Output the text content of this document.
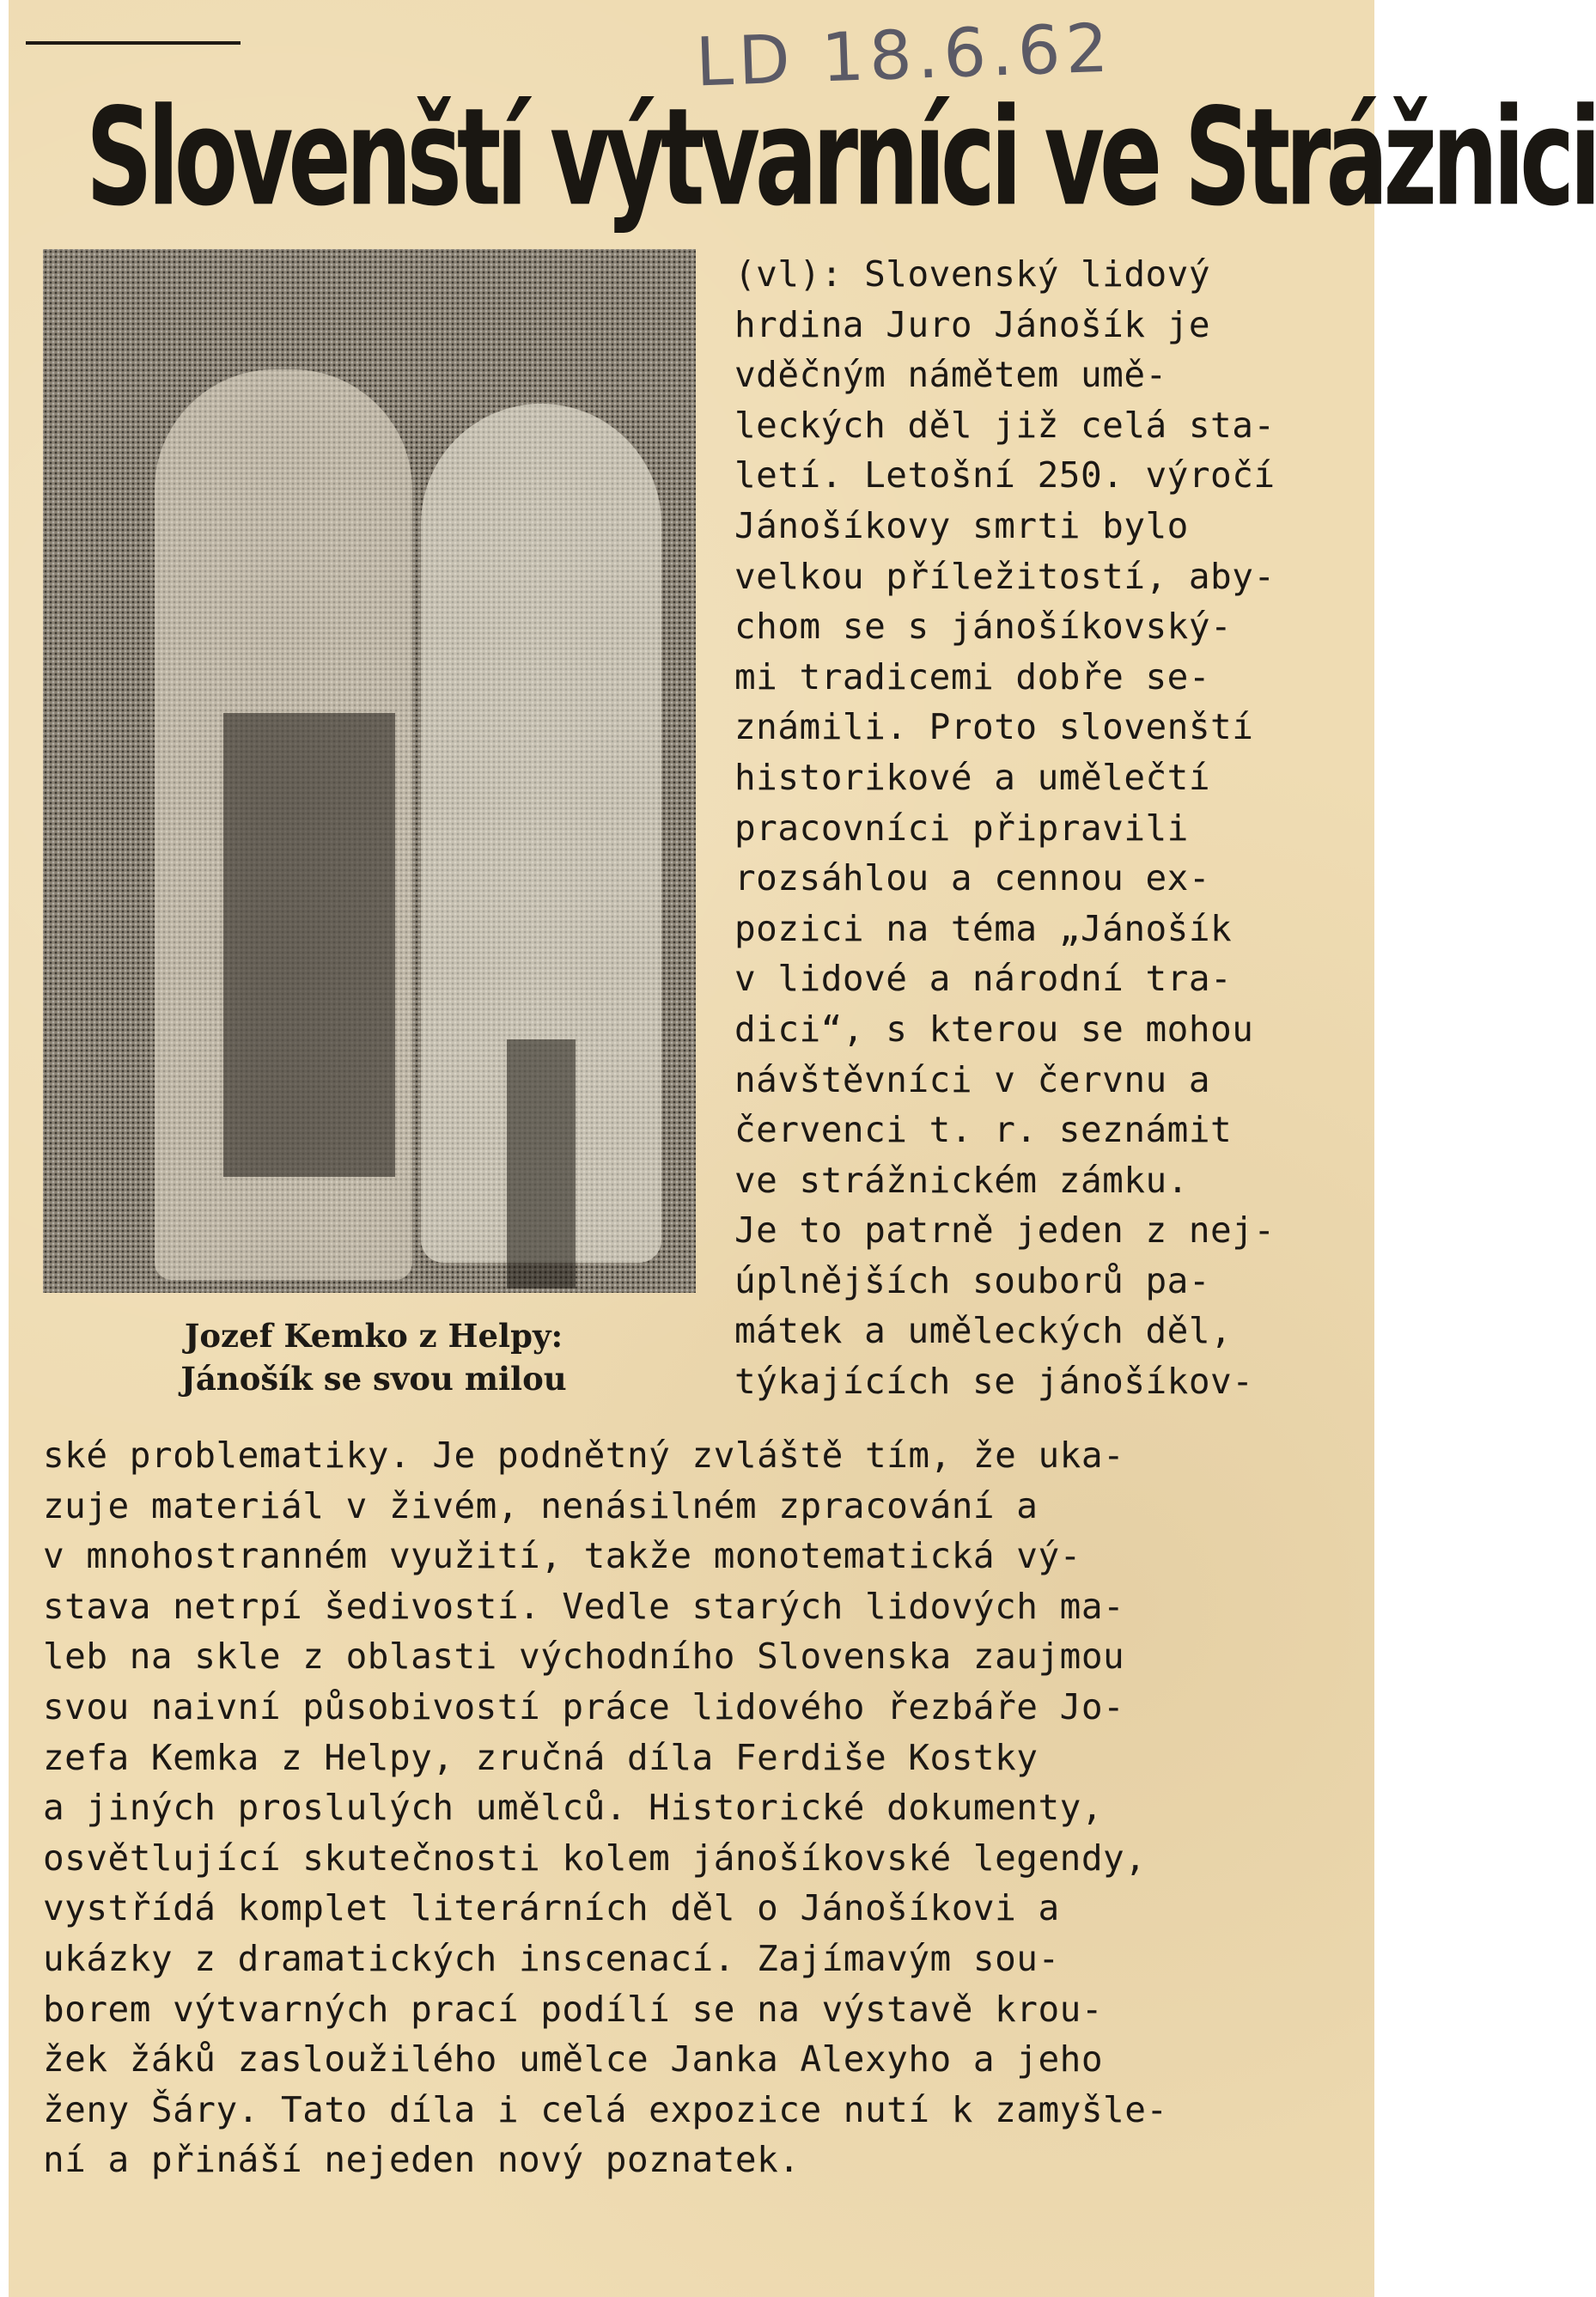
LD 18.6.62
Slovenští výtvarníci ve Strážnici
Jozef Kemko z Helpy:
Jánošík se svou milou
(vl): Slovenský lidový
hrdina Juro Jánošík je
vděčným námětem umě-
leckých děl již celá sta-
letí. Letošní 250. výročí
Jánošíkovy smrti bylo
velkou příležitostí, aby-
chom se s jánošíkovský-
mi tradicemi dobře se-
známili. Proto slovenští
historikové a umělečtí
pracovníci připravili
rozsáhlou a cennou ex-
pozici na téma „Jánošík
v lidové a národní tra-
dici“, s kterou se mohou
návštěvníci v červnu a
červenci t. r. seznámit
ve strážnickém zámku.
Je to patrně jeden z nej-
úplnějších souborů pa-
mátek a uměleckých děl,
týkajících se jánošíkov-
ské problematiky. Je podnětný zvláště tím, že uka-
zuje materiál v živém, nenásilném zpracování a
v mnohostranném využití, takže monotematická vý-
stava netrpí šedivostí. Vedle starých lidových ma-
leb na skle z oblasti východního Slovenska zaujmou
svou naivní působivostí práce lidového řezbáře Jo-
zefa Kemka z Helpy, zručná díla Ferdiše Kostky
a jiných proslulých umělců. Historické dokumenty,
osvětlující skutečnosti kolem jánošíkovské legendy,
vystřídá komplet literárních děl o Jánošíkovi a
ukázky z dramatických inscenací. Zajímavým sou-
borem výtvarných prací podílí se na výstavě krou-
žek žáků zasloužilého umělce Janka Alexyho a jeho
ženy Šáry. Tato díla i celá expozice nutí k zamyšle-
ní a přináší nejeden nový poznatek.
